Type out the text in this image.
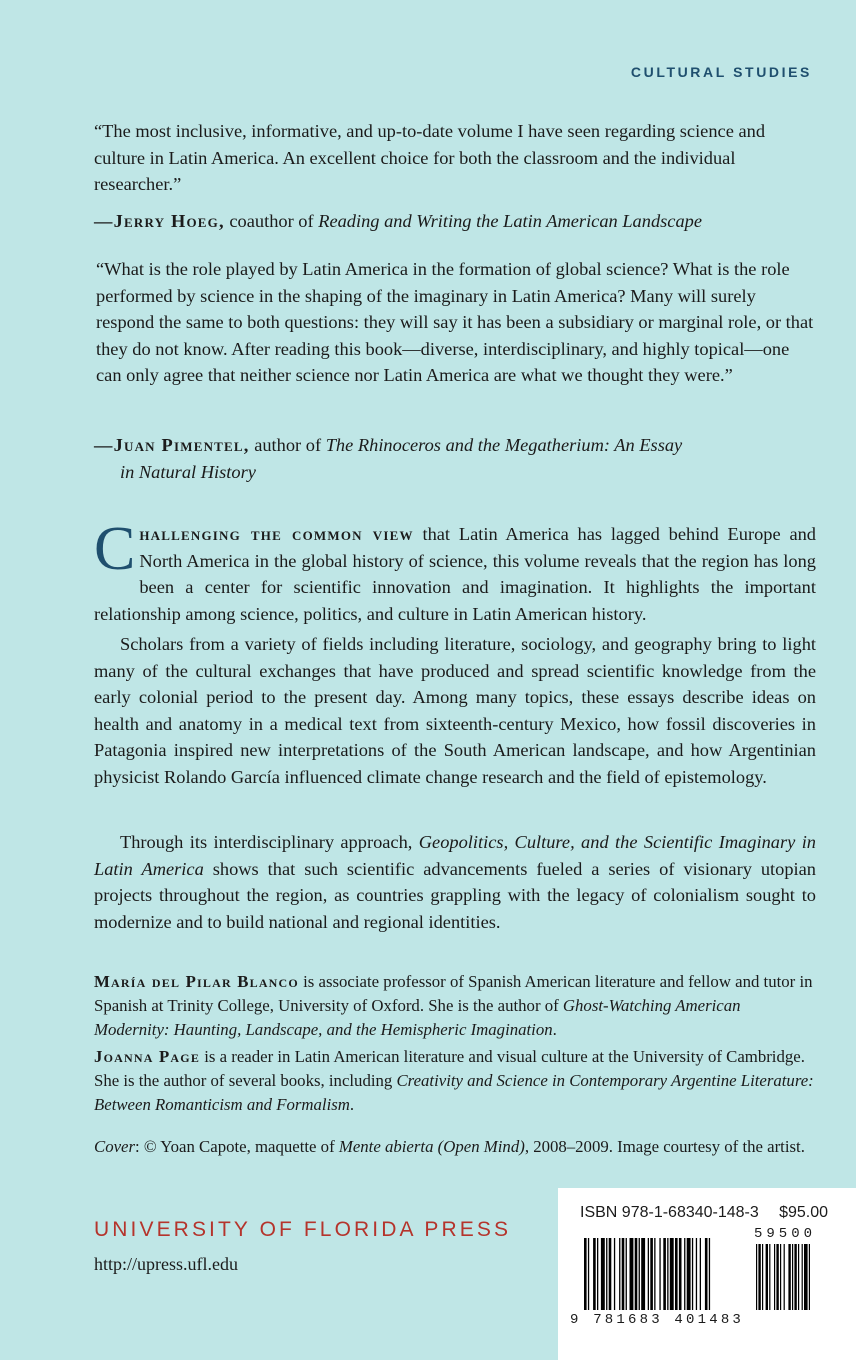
CULTURAL STUDIES

“The most inclusive, informative, and up-to-date volume I have seen regarding science and culture in Latin America. An excellent choice for both the classroom and the individual researcher.”

—Jerry Hoeg, coauthor of Reading and Writing the Latin American Landscape

“What is the role played by Latin America in the formation of global science? What is the role performed by science in the shaping of the imaginary in Latin America? Many will surely respond the same to both questions: they will say it has been a subsidiary or marginal role, or that they do not know. After reading this book—diverse, interdisciplinary, and highly topical—one can only agree that neither science nor Latin America are what we thought they were.”

—Juan Pimentel, author of The Rhinoceros and the Megatherium: An Essay
in Natural History

Challenging the common view that Latin America has lagged behind Europe and North America in the global history of science, this volume reveals that the region has long been a center for scientific innovation and imagination. It highlights the important relationship among science, politics, and culture in Latin American history.

Scholars from a variety of fields including literature, sociology, and geography bring to light many of the cultural exchanges that have produced and spread scientific knowledge from the early colonial period to the present day. Among many topics, these essays describe ideas on health and anatomy in a medical text from sixteenth-century Mexico, how fossil discoveries in Patagonia inspired new interpretations of the South American landscape, and how Argentinian physicist Rolando García influenced climate change research and the field of epistemology.

Through its interdisciplinary approach, Geopolitics, Culture, and the Scientific Imaginary in Latin America shows that such scientific advancements fueled a series of visionary utopian projects throughout the region, as countries grappling with the legacy of colonialism sought to modernize and to build national and regional identities.

María del Pilar Blanco is associate professor of Spanish American literature and fellow and tutor in Spanish at Trinity College, University of Oxford. She is the author of Ghost-Watching American Modernity: Haunting, Landscape, and the Hemispheric Imagination.

Joanna Page is a reader in Latin American literature and visual culture at the University of Cambridge. She is the author of several books, including Creativity and Science in Contemporary Argentine Literature: Between Romanticism and Formalism.

Cover: © Yoan Capote, maquette of Mente abierta (Open Mind), 2008–2009. Image courtesy of the artist.

UNIVERSITY OF FLORIDA PRESS
http://upress.ufl.edu
ISBN 978-1-68340-148-3 $95.00
59500
9 781683 401483
